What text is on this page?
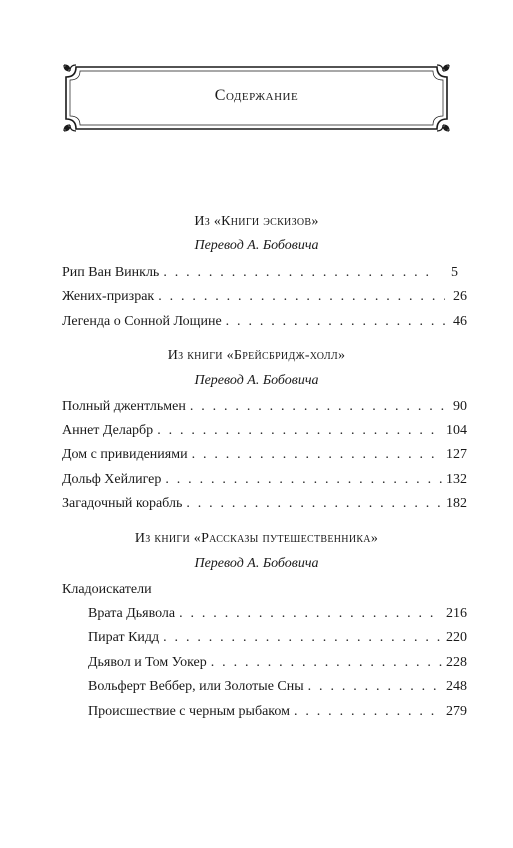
Содержание
Из «Книги эскизов»
Перевод А. Бобовича
Рип Ван Винкль . . .	5
Жених-призрак . . .	26
Легенда о Сонной Лощине . . .	46
Из книги «Брейсбридж-холл»
Перевод А. Бобовича
Полный джентльмен . . .	90
Аннет Деларбр . . .	104
Дом с привидениями . . .	127
Дольф Хейлигер . . .	132
Загадочный корабль . . .	182
Из книги «Рассказы путешественника»
Перевод А. Бобовича
Кладоискатели
Врата Дьявола . . .	216
Пират Кидд . . .	220
Дьявол и Том Уокер . . .	228
Вольферт Веббер, или Золотые Сны . . .	248
Происшествие с черным рыбаком . . .	279
